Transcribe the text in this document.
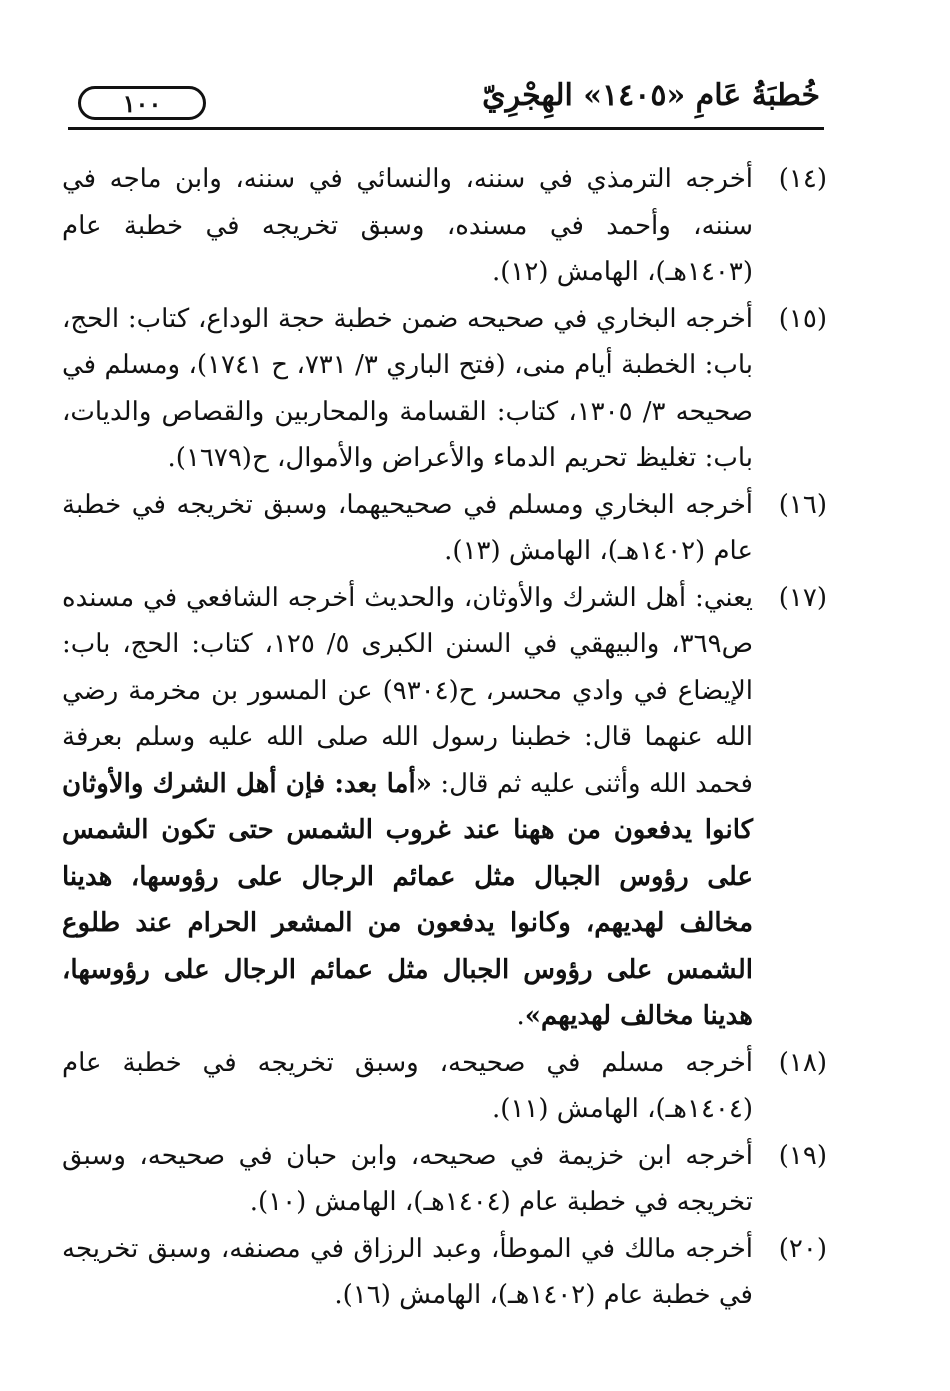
خُطبَةُ عَامِ «١٤٠٥» الهِجْرِيّ
١٠٠
(١٤)
أخرجه الترمذي في سننه، والنسائي في سننه، وابن ماجه في سننه، وأحمد في مسنده، وسبق تخريجه في خطبة عام (١٤٠٣هـ)، الهامش (١٢).
(١٥)
أخرجه البخاري في صحيحه ضمن خطبة حجة الوداع، كتاب: الحج، باب: الخطبة أيام منى، (فتح الباري ٣/ ٧٣١، ح ١٧٤١)، ومسلم في صحيحه ٣/ ١٣٠٥، كتاب: القسامة والمحاربين والقصاص والديات، باب: تغليظ تحريم الدماء والأعراض والأموال، ح(١٦٧٩).
(١٦)
أخرجه البخاري ومسلم في صحيحيهما، وسبق تخريجه في خطبة عام (١٤٠٢هـ)، الهامش (١٣).
(١٧)
يعني: أهل الشرك والأوثان، والحديث أخرجه الشافعي في مسنده ص٣٦٩، والبيهقي في السنن الكبرى ٥/ ١٢٥، كتاب: الحج، باب: الإيضاع في وادي محسر، ح(٩٣٠٤) عن المسور بن مخرمة رضي الله عنهما قال: خطبنا رسول الله صلى الله عليه وسلم بعرفة فحمد الله وأثنى عليه ثم قال: «أما بعد: فإن أهل الشرك والأوثان كانوا يدفعون من ههنا عند غروب الشمس حتى تكون الشمس على رؤوس الجبال مثل عمائم الرجال على رؤوسها، هدينا مخالف لهديهم، وكانوا يدفعون من المشعر الحرام عند طلوع الشمس على رؤوس الجبال مثل عمائم الرجال على رؤوسها، هدينا مخالف لهديهم».
(١٨)
أخرجه مسلم في صحيحه، وسبق تخريجه في خطبة عام (١٤٠٤هـ)، الهامش (١١).
(١٩)
أخرجه ابن خزيمة في صحيحه، وابن حبان في صحيحه، وسبق تخريجه في خطبة عام (١٤٠٤هـ)، الهامش (١٠).
(٢٠)
أخرجه مالك في الموطأ، وعبد الرزاق في مصنفه، وسبق تخريجه في خطبة عام (١٤٠٢هـ)، الهامش (١٦).
